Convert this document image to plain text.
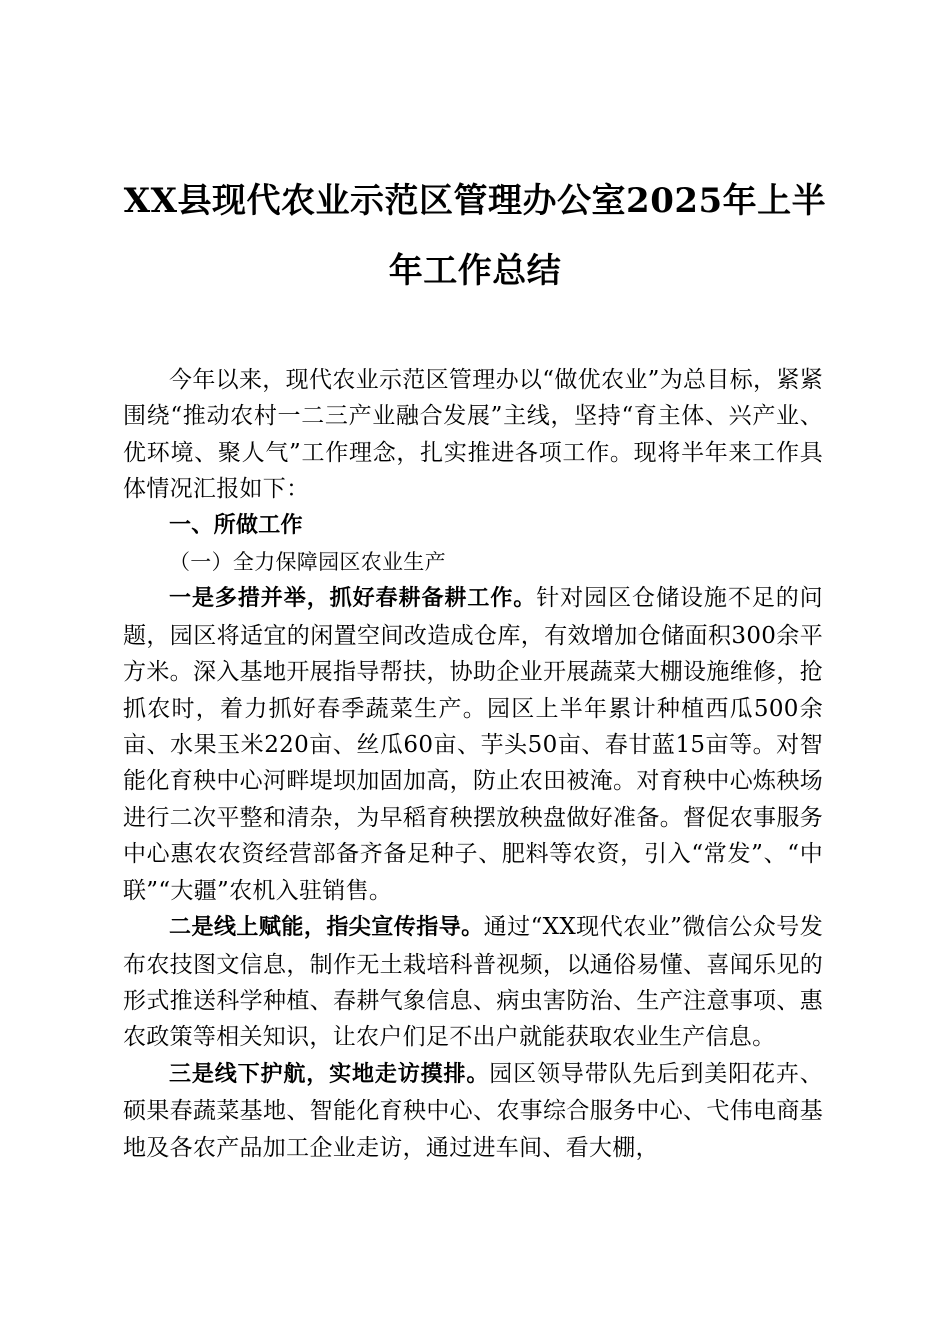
XX县现代农业示范区管理办公室2025年上半
年工作总结

今年以来，现代农业示范区管理办以“做优农业”为总目标，紧紧围绕“推动农村一二三产业融合发展”主线，坚持“育主体、兴产业、优环境、聚人气”工作理念，扎实推进各项工作。现将半年来工作具体情况汇报如下：

一、所做工作

（一）全力保障园区农业生产

一是多措并举，抓好春耕备耕工作。针对园区仓储设施不足的问题，园区将适宜的闲置空间改造成仓库，有效增加仓储面积300余平方米。深入基地开展指导帮扶，协助企业开展蔬菜大棚设施维修，抢抓农时，着力抓好春季蔬菜生产。园区上半年累计种植西瓜500余亩、水果玉米220亩、丝瓜60亩、芋头50亩、春甘蓝15亩等。对智能化育秧中心河畔堤坝加固加高，防止农田被淹。对育秧中心炼秧场进行二次平整和清杂，为早稻育秧摆放秧盘做好准备。督促农事服务中心惠农农资经营部备齐备足种子、肥料等农资，引入“常发”、“中联”“大疆”农机入驻销售。

二是线上赋能，指尖宣传指导。通过“XX现代农业”微信公众号发布农技图文信息，制作无土栽培科普视频，以通俗易懂、喜闻乐见的形式推送科学种植、春耕气象信息、病虫害防治、生产注意事项、惠农政策等相关知识，让农户们足不出户就能获取农业生产信息。

三是线下护航，实地走访摸排。园区领导带队先后到美阳花卉、硕果春蔬菜基地、智能化育秧中心、农事综合服务中心、弋伟电商基地及各农产品加工企业走访，通过进车间、看大棚，
